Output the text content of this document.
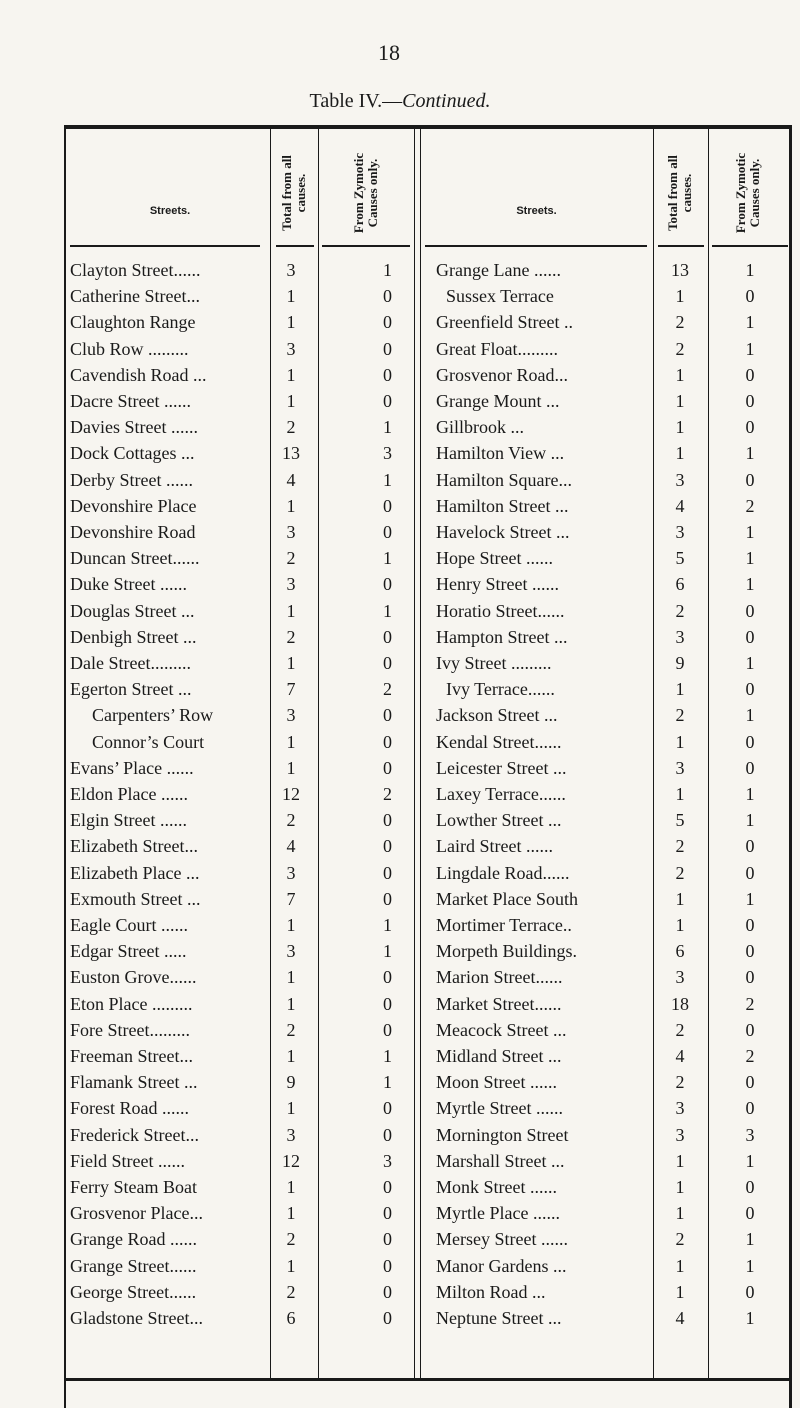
18
Table IV.—Continued.
Streets.	Total from all causes.	From Zymotic Causes only.	Streets.	Total from all causes.	From Zymotic Causes only.
Clayton Street......	3	1	Grange Lane ......	13	1
Catherine Street...	1	0	Sussex Terrace	1	0
Claughton Range	1	0	Greenfield Street ..	2	1
Club Row .........	3	0	Great Float.........	2	1
Cavendish Road ...	1	0	Grosvenor Road...	1	0
Dacre Street ......	1	0	Grange Mount ...	1	0
Davies Street ......	2	1	Gillbrook ...	1	0
Dock Cottages ...	13	3	Hamilton View ...	1	1
Derby Street ......	4	1	Hamilton Square...	3	0
Devonshire Place	1	0	Hamilton Street ...	4	2
Devonshire Road	3	0	Havelock Street ...	3	1
Duncan Street......	2	1	Hope Street ......	5	1
Duke Street ......	3	0	Henry Street ......	6	1
Douglas Street ...	1	1	Horatio Street......	2	0
Denbigh Street ...	2	0	Hampton Street ...	3	0
Dale Street.........	1	0	Ivy Street .........	9	1
Egerton Street ...	7	2	Ivy Terrace......	1	0
Carpenters’ Row	3	0	Jackson Street ...	2	1
Connor’s Court	1	0	Kendal Street......	1	0
Evans’ Place ......	1	0	Leicester Street ...	3	0
Eldon Place ......	12	2	Laxey Terrace......	1	1
Elgin Street ......	2	0	Lowther Street ...	5	1
Elizabeth Street...	4	0	Laird Street ......	2	0
Elizabeth Place ...	3	0	Lingdale Road......	2	0
Exmouth Street ...	7	0	Market Place South	1	1
Eagle Court ......	1	1	Mortimer Terrace..	1	0
Edgar Street .....	3	1	Morpeth Buildings.	6	0
Euston Grove......	1	0	Marion Street......	3	0
Eton Place .........	1	0	Market Street......	18	2
Fore Street.........	2	0	Meacock Street ...	2	0
Freeman Street...	1	1	Midland Street ...	4	2
Flamank Street ...	9	1	Moon Street ......	2	0
Forest Road ......	1	0	Myrtle Street ......	3	0
Frederick Street...	3	0	Mornington Street	3	3
Field Street ......	12	3	Marshall Street ...	1	1
Ferry Steam Boat	1	0	Monk Street ......	1	0
Grosvenor Place...	1	0	Myrtle Place ......	1	0
Grange Road ......	2	0	Mersey Street ......	2	1
Grange Street......	1	0	Manor Gardens ...	1	1
George Street......	2	0	Milton Road ...	1	0
Gladstone Street...	6	0	Neptune Street ...	4	1
